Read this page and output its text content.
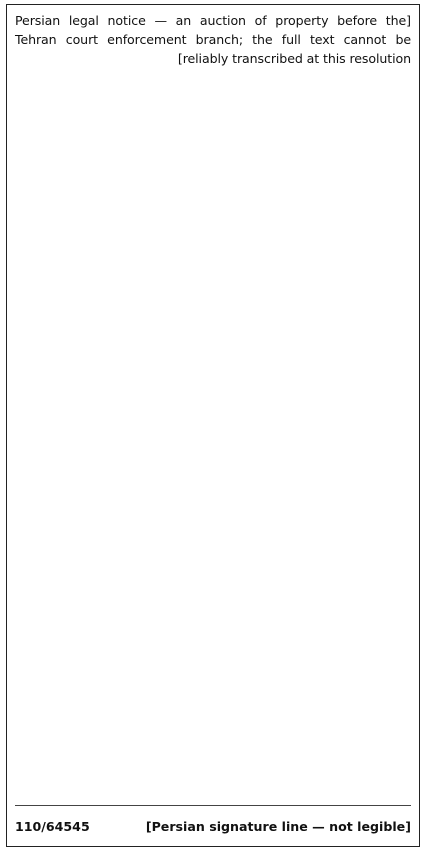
[Persian legal notice — an auction of property before the Tehran court enforcement branch; the full text cannot be reliably transcribed at this resolution]
[Persian signature line — not legible]
110/64545
